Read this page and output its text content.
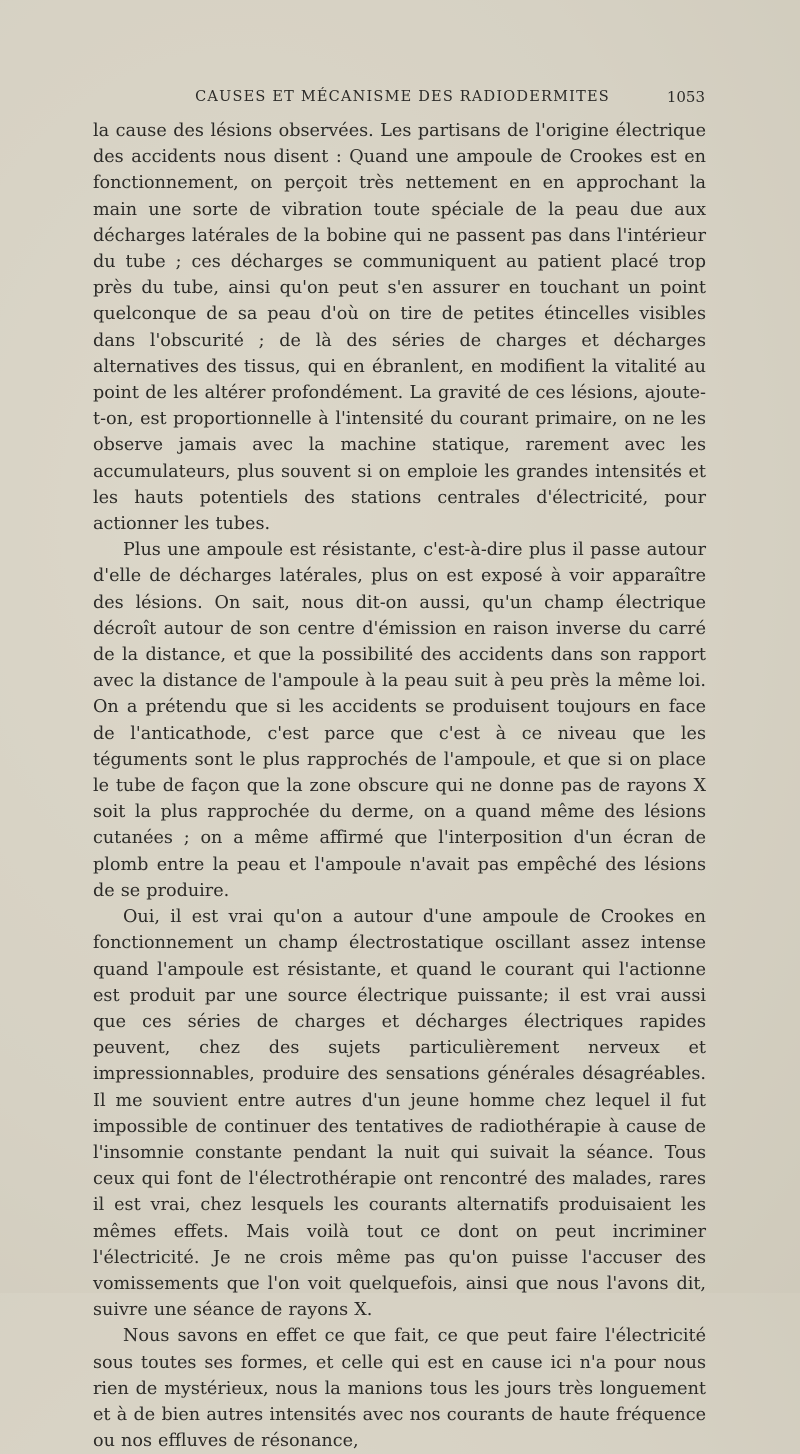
CAUSES ET MÉCANISME DES RADIODERMITES	1053

la cause des lésions observées. Les partisans de l'origine électrique des accidents nous disent : Quand une ampoule de Crookes est en fonctionnement, on perçoit très nettement en en approchant la main une sorte de vibration toute spéciale de la peau due aux décharges latérales de la bobine qui ne passent pas dans l'intérieur du tube ; ces décharges se communiquent au patient placé trop près du tube, ainsi qu'on peut s'en assurer en touchant un point quelconque de sa peau d'où on tire de petites étincelles visibles dans l'obscurité ; de là des séries de charges et décharges alternatives des tissus, qui en ébranlent, en modifient la vitalité au point de les altérer profondément. La gravité de ces lésions, ajoute-t-on, est proportionnelle à l'intensité du courant primaire, on ne les observe jamais avec la machine statique, rarement avec les accumulateurs, plus souvent si on emploie les grandes intensités et les hauts potentiels des stations centrales d'électricité, pour actionner les tubes.

Plus une ampoule est résistante, c'est-à-dire plus il passe autour d'elle de décharges latérales, plus on est exposé à voir apparaître des lésions. On sait, nous dit-on aussi, qu'un champ électrique décroît autour de son centre d'émission en raison inverse du carré de la distance, et que la possibilité des accidents dans son rapport avec la distance de l'ampoule à la peau suit à peu près la même loi. On a prétendu que si les accidents se produisent toujours en face de l'anticathode, c'est parce que c'est à ce niveau que les téguments sont le plus rapprochés de l'ampoule, et que si on place le tube de façon que la zone obscure qui ne donne pas de rayons X soit la plus rapprochée du derme, on a quand même des lésions cutanées ; on a même affirmé que l'interposition d'un écran de plomb entre la peau et l'ampoule n'avait pas empêché des lésions de se produire.

Oui, il est vrai qu'on a autour d'une ampoule de Crookes en fonctionnement un champ électrostatique oscillant assez intense quand l'ampoule est résistante, et quand le courant qui l'actionne est produit par une source électrique puissante; il est vrai aussi que ces séries de charges et décharges électriques rapides peuvent, chez des sujets particulièrement nerveux et impressionnables, produire des sensations générales désagréables. Il me souvient entre autres d'un jeune homme chez lequel il fut impossible de continuer des tentatives de radiothérapie à cause de l'insomnie constante pendant la nuit qui suivait la séance. Tous ceux qui font de l'électrothérapie ont rencontré des malades, rares il est vrai, chez lesquels les courants alternatifs produisaient les mêmes effets. Mais voilà tout ce dont on peut incriminer l'électricité. Je ne crois même pas qu'on puisse l'accuser des vomissements que l'on voit quelquefois, ainsi que nous l'avons dit, suivre une séance de rayons X.

Nous savons en effet ce que fait, ce que peut faire l'électricité sous toutes ses formes, et celle qui est en cause ici n'a pour nous rien de mystérieux, nous la manions tous les jours très longuement et à de bien autres intensités avec nos courants de haute fréquence ou nos effluves de résonance,
